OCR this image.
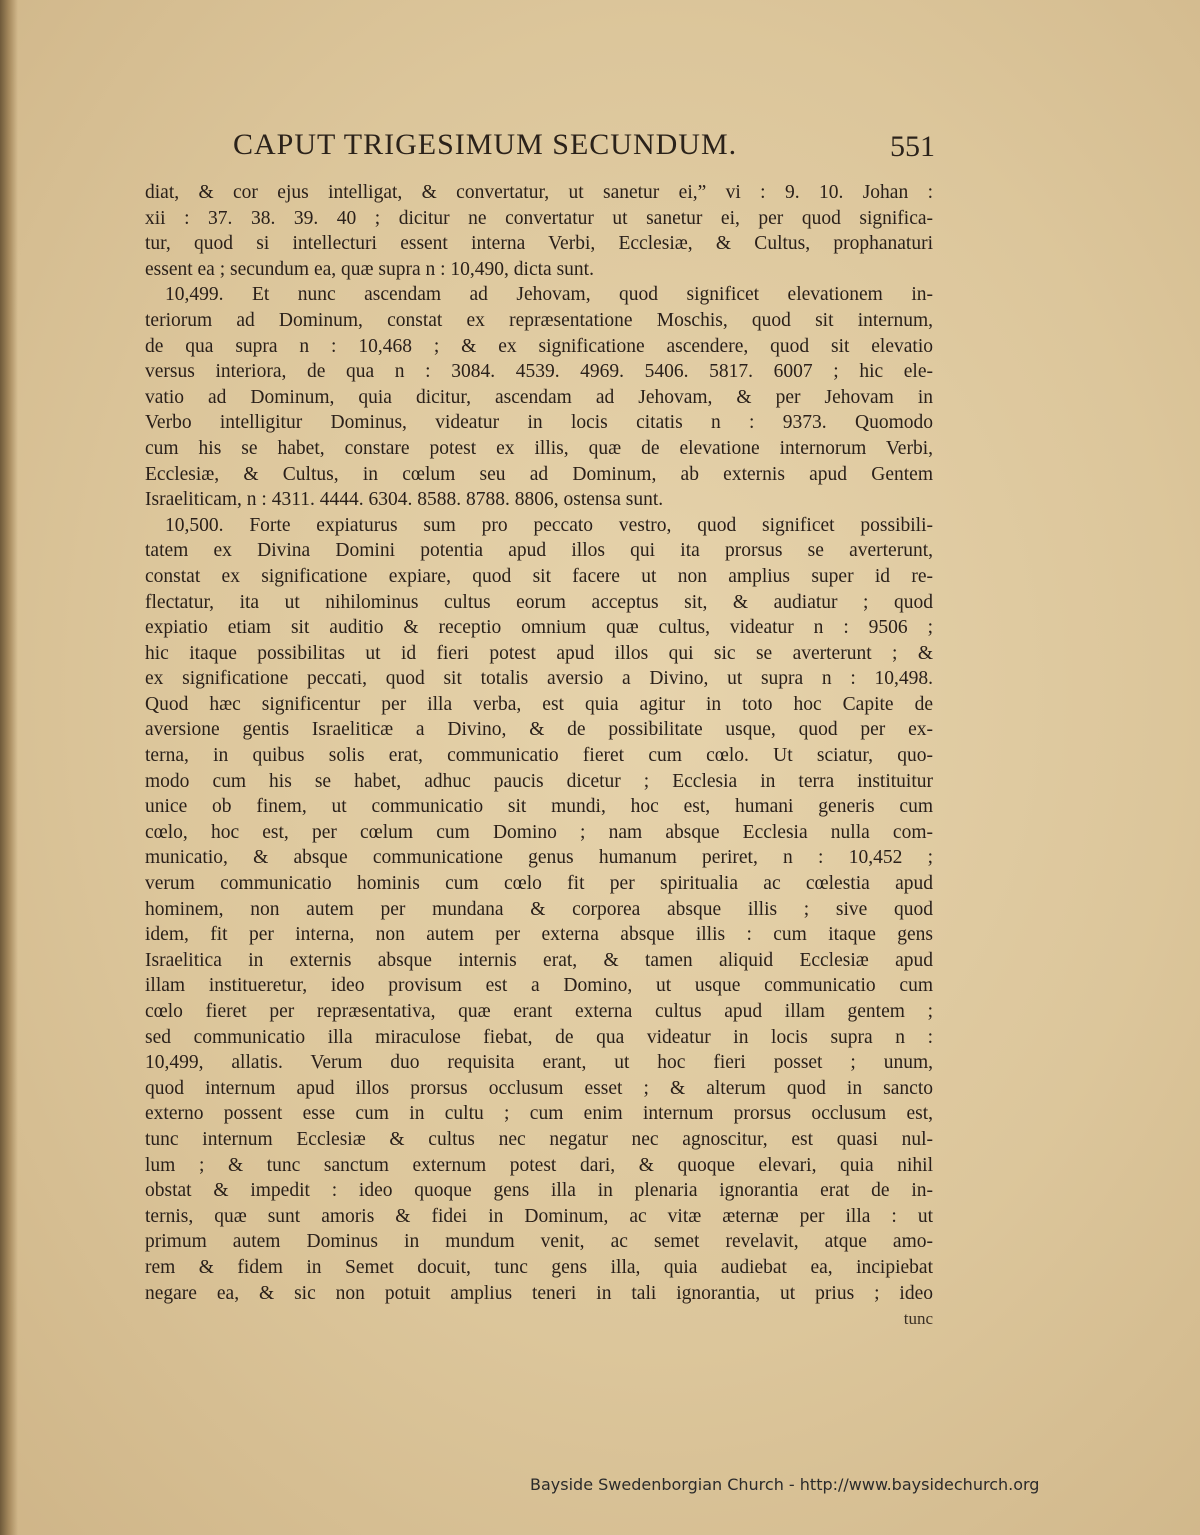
CAPUT TRIGESIMUM SECUNDUM.	551
diat, & cor ejus intelligat, & convertatur, ut sanetur ei,” vi : 9. 10. Johan :
xii : 37. 38. 39. 40 ; dicitur ne convertatur ut sanetur ei, per quod significa-
tur, quod si intellecturi essent interna Verbi, Ecclesiæ, & Cultus, prophanaturi
essent ea ; secundum ea, quæ supra n : 10,490, dicta sunt.
10,499. Et nunc ascendam ad Jehovam, quod significet elevationem in-
teriorum ad Dominum, constat ex repræsentatione Moschis, quod sit internum,
de qua supra n : 10,468 ; & ex significatione ascendere, quod sit elevatio
versus interiora, de qua n : 3084. 4539. 4969. 5406. 5817. 6007 ; hic ele-
vatio ad Dominum, quia dicitur, ascendam ad Jehovam, & per Jehovam in
Verbo intelligitur Dominus, videatur in locis citatis n : 9373. Quomodo
cum his se habet, constare potest ex illis, quæ de elevatione internorum Verbi,
Ecclesiæ, & Cultus, in cœlum seu ad Dominum, ab externis apud Gentem
Israeliticam, n : 4311. 4444. 6304. 8588. 8788. 8806, ostensa sunt.
10,500. Forte expiaturus sum pro peccato vestro, quod significet possibili-
tatem ex Divina Domini potentia apud illos qui ita prorsus se averterunt,
constat ex significatione expiare, quod sit facere ut non amplius super id re-
flectatur, ita ut nihilominus cultus eorum acceptus sit, & audiatur ; quod
expiatio etiam sit auditio & receptio omnium quæ cultus, videatur n : 9506 ;
hic itaque possibilitas ut id fieri potest apud illos qui sic se averterunt ; &
ex significatione peccati, quod sit totalis aversio a Divino, ut supra n : 10,498.
Quod hæc significentur per illa verba, est quia agitur in toto hoc Capite de
aversione gentis Israeliticæ a Divino, & de possibilitate usque, quod per ex-
terna, in quibus solis erat, communicatio fieret cum cœlo. Ut sciatur, quo-
modo cum his se habet, adhuc paucis dicetur ; Ecclesia in terra instituitur
unice ob finem, ut communicatio sit mundi, hoc est, humani generis cum
cœlo, hoc est, per cœlum cum Domino ; nam absque Ecclesia nulla com-
municatio, & absque communicatione genus humanum periret, n : 10,452 ;
verum communicatio hominis cum cœlo fit per spiritualia ac cœlestia apud
hominem, non autem per mundana & corporea absque illis ; sive quod
idem, fit per interna, non autem per externa absque illis : cum itaque gens
Israelitica in externis absque internis erat, & tamen aliquid Ecclesiæ apud
illam institueretur, ideo provisum est a Domino, ut usque communicatio cum
cœlo fieret per repræsentativa, quæ erant externa cultus apud illam gentem ;
sed communicatio illa miraculose fiebat, de qua videatur in locis supra n :
10,499, allatis. Verum duo requisita erant, ut hoc fieri posset ; unum,
quod internum apud illos prorsus occlusum esset ; & alterum quod in sancto
externo possent esse cum in cultu ; cum enim internum prorsus occlusum est,
tunc internum Ecclesiæ & cultus nec negatur nec agnoscitur, est quasi nul-
lum ; & tunc sanctum externum potest dari, & quoque elevari, quia nihil
obstat & impedit : ideo quoque gens illa in plenaria ignorantia erat de in-
ternis, quæ sunt amoris & fidei in Dominum, ac vitæ æternæ per illa : ut
primum autem Dominus in mundum venit, ac semet revelavit, atque amo-
rem & fidem in Semet docuit, tunc gens illa, quia audiebat ea, incipiebat
negare ea, & sic non potuit amplius teneri in tali ignorantia, ut prius ; ideo
tunc
Bayside Swedenborgian Church - http://www.baysidechurch.org
